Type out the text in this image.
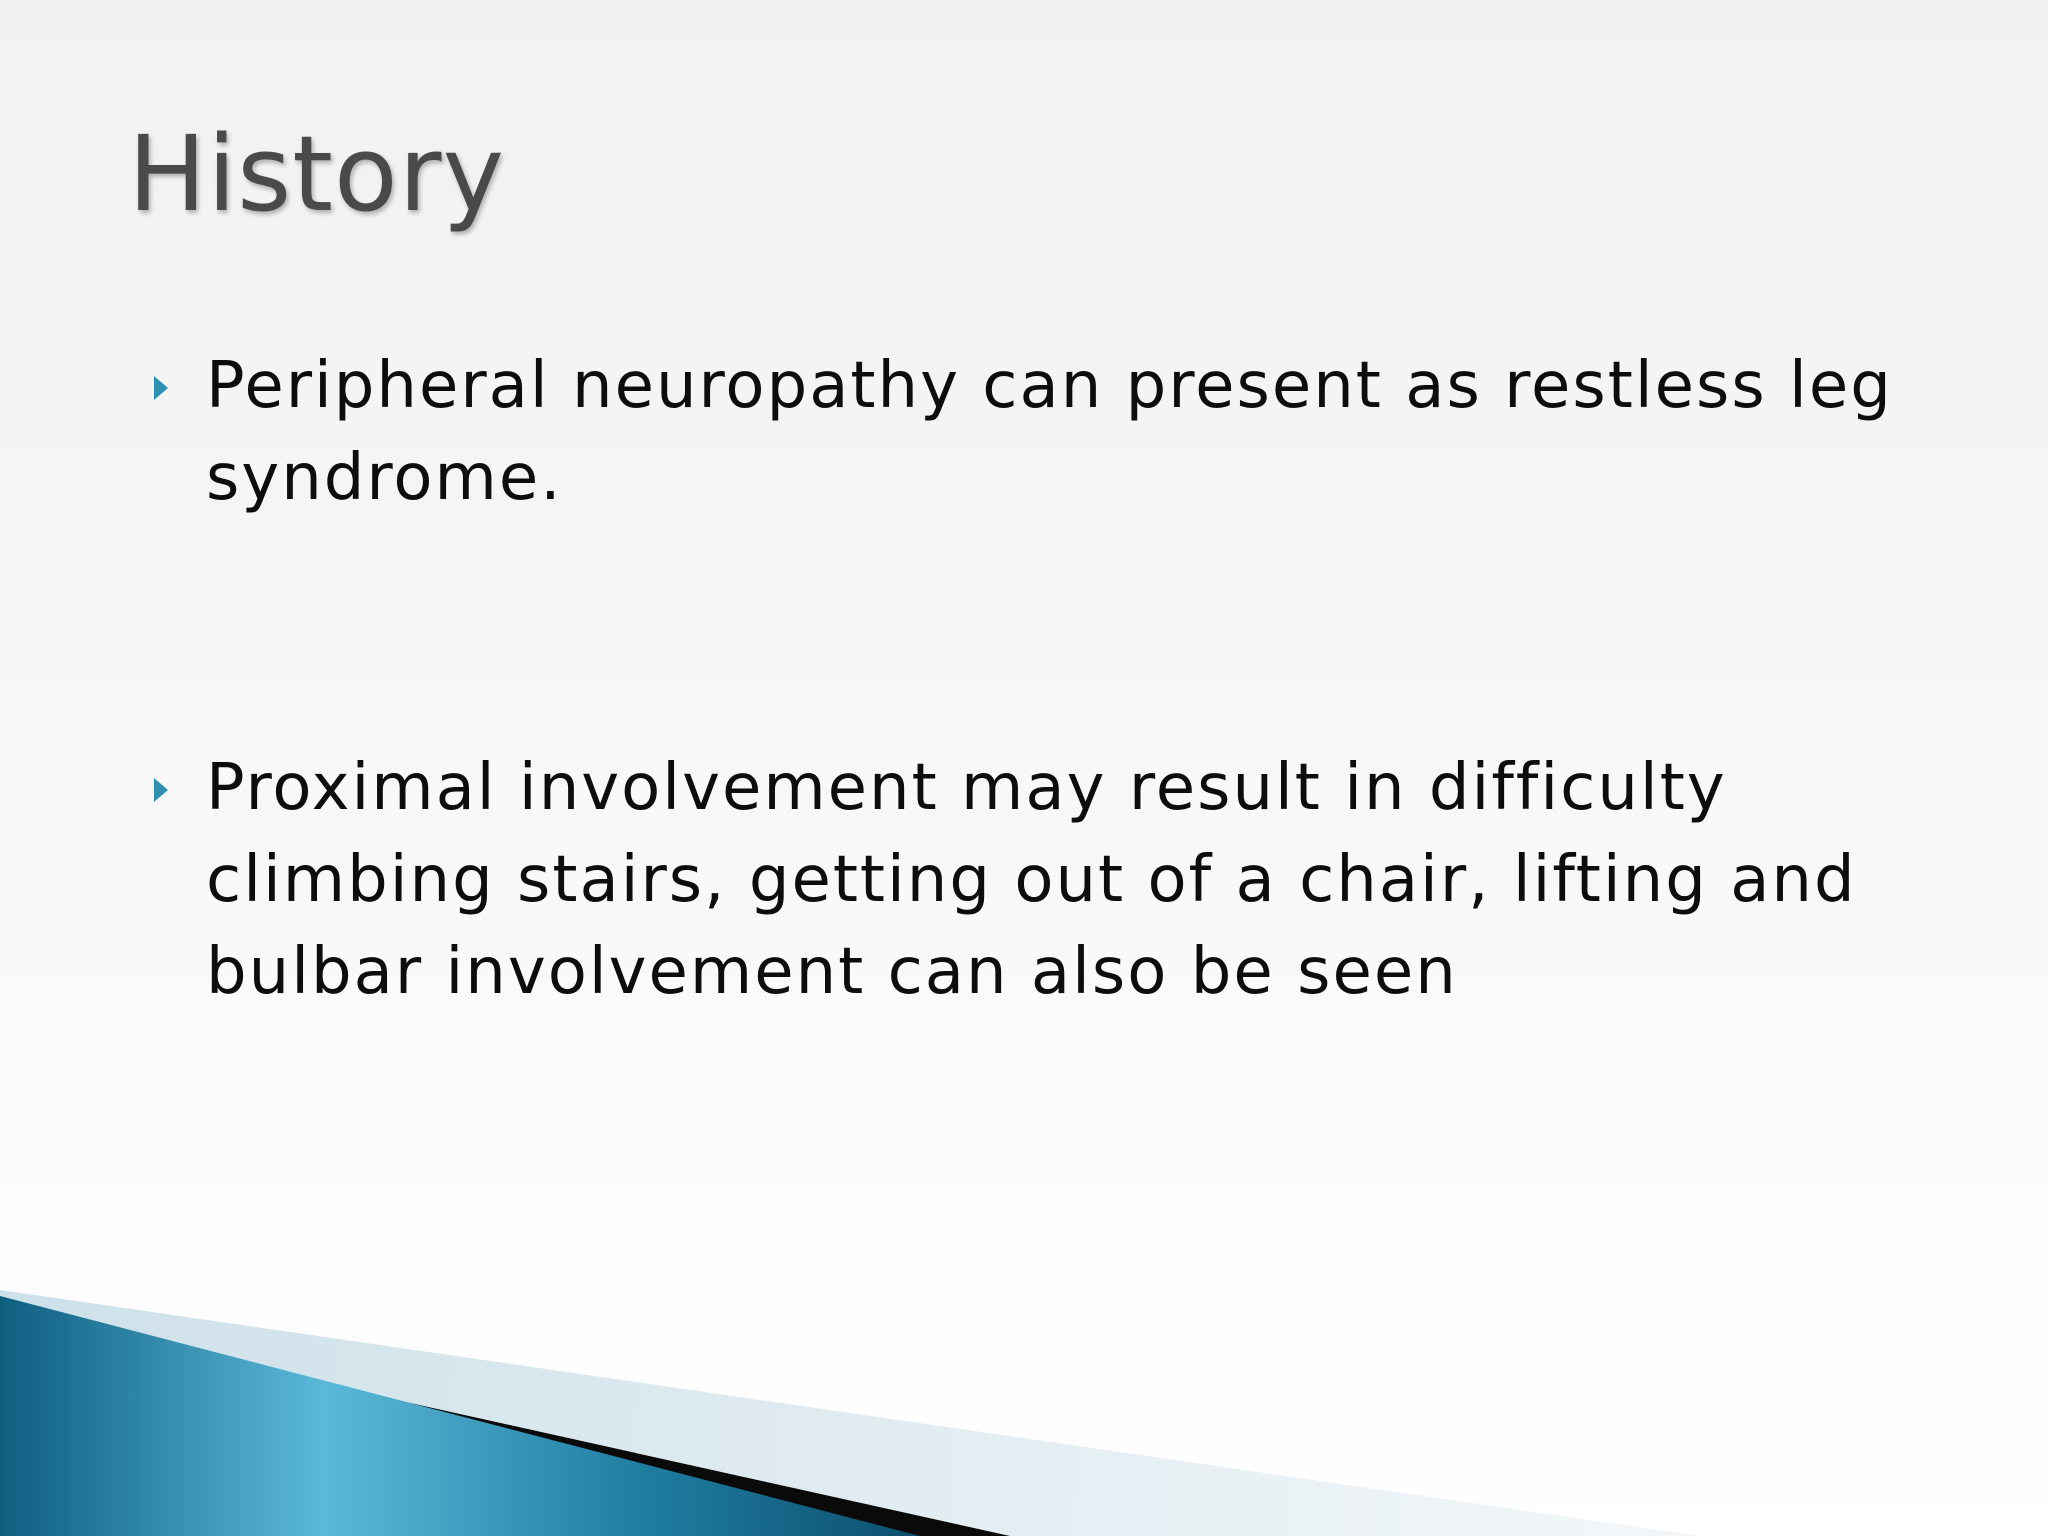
History
Peripheral neuropathy can present as restless leg syndrome.
Proximal involvement may result in difficulty climbing stairs, getting out of a chair, lifting and bulbar involvement can also be seen
